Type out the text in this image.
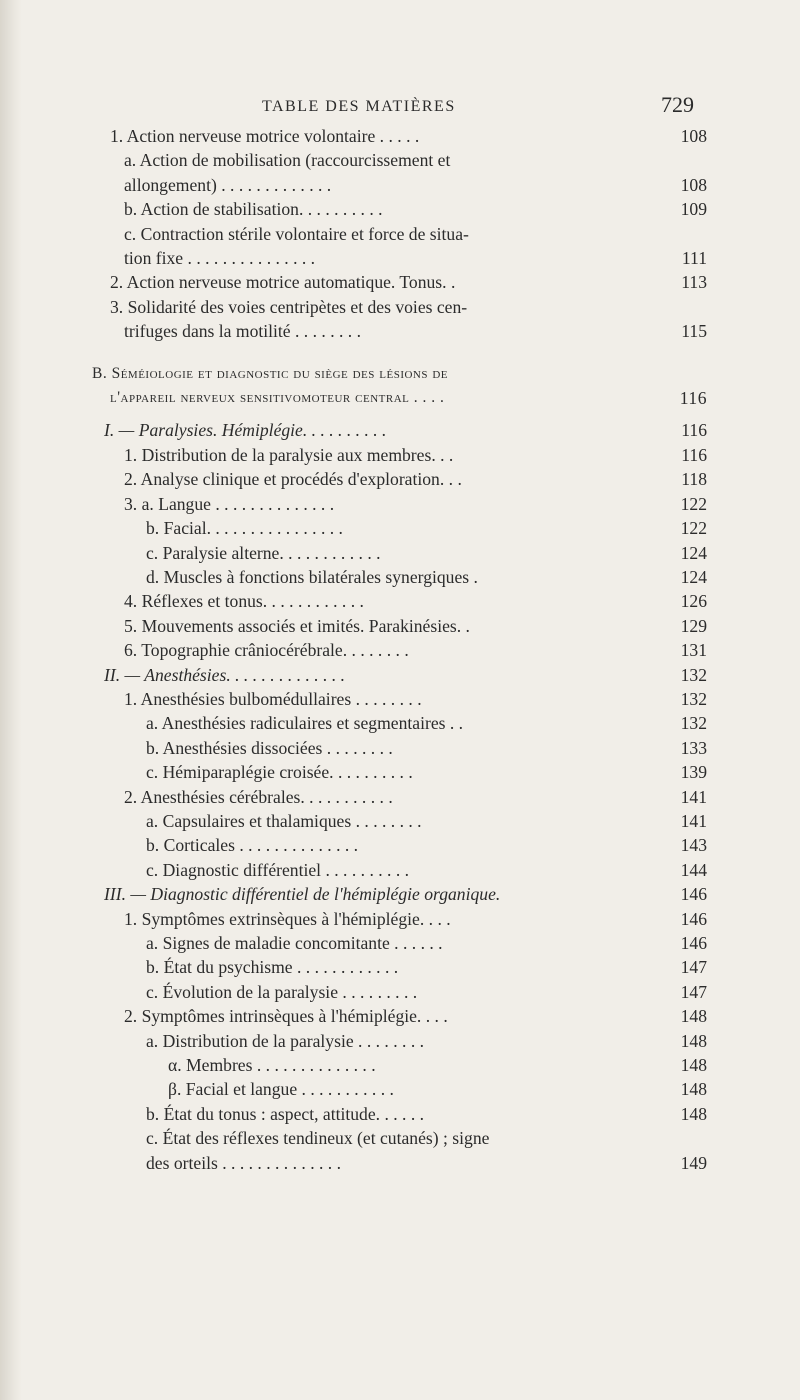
TABLE DES MATIÈRES	729
1. Action nerveuse motrice volontaire . . . . .	108
a. Action de mobilisation (raccourcissement et
allongement) . . . . . . . . . . . . .	108
b. Action de stabilisation. . . . . . . . . .	109
c. Contraction stérile volontaire et force de situa-
tion fixe . . . . . . . . . . . . . . .	111
2. Action nerveuse motrice automatique. Tonus. .	113
3. Solidarité des voies centripètes et des voies cen-
trifuges dans la motilité . . . . . . . .	115
B. Séméiologie et diagnostic du siège des lésions de
l'appareil nerveux sensitivomoteur central . . . .	116
I. — Paralysies. Hémiplégie. . . . . . . . . .	116
1. Distribution de la paralysie aux membres. . .	116
2. Analyse clinique et procédés d'exploration. . .	118
3. a. Langue . . . . . . . . . . . . . .	122
b. Facial. . . . . . . . . . . . . . . .	122
c. Paralysie alterne. . . . . . . . . . . .	124
d. Muscles à fonctions bilatérales synergiques .	124
4. Réflexes et tonus. . . . . . . . . . . .	126
5. Mouvements associés et imités. Parakinésies. .	129
6. Topographie crâniocérébrale. . . . . . . .	131
II. — Anesthésies. . . . . . . . . . . . . .	132
1. Anesthésies bulbomédullaires . . . . . . . .	132
a. Anesthésies radiculaires et segmentaires . .	132
b. Anesthésies dissociées . . . . . . . .	133
c. Hémiparaplégie croisée. . . . . . . . . .	139
2. Anesthésies cérébrales. . . . . . . . . . .	141
a. Capsulaires et thalamiques . . . . . . . .	141
b. Corticales . . . . . . . . . . . . . .	143
c. Diagnostic différentiel . . . . . . . . . .	144
III. — Diagnostic différentiel de l'hémiplégie organique.	146
1. Symptômes extrinsèques à l'hémiplégie. . . .	146
a. Signes de maladie concomitante . . . . . .	146
b. État du psychisme . . . . . . . . . . . .	147
c. Évolution de la paralysie . . . . . . . . .	147
2. Symptômes intrinsèques à l'hémiplégie. . . .	148
a. Distribution de la paralysie . . . . . . . .	148
α. Membres . . . . . . . . . . . . . .	148
β. Facial et langue . . . . . . . . . . .	148
b. État du tonus : aspect, attitude. . . . . .	148
c. État des réflexes tendineux (et cutanés) ; signe
des orteils . . . . . . . . . . . . . .	149
